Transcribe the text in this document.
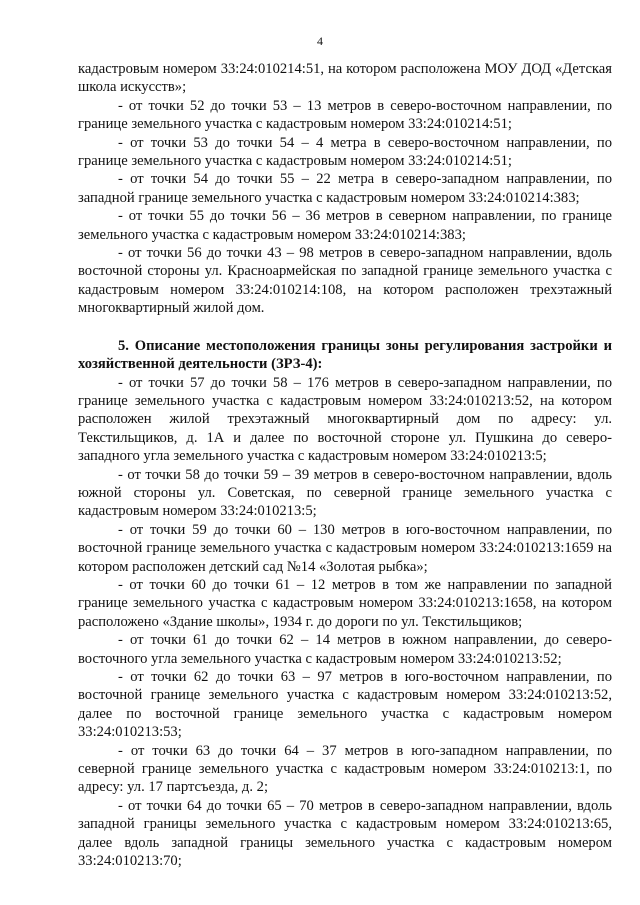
4

кадастровым номером 33:24:010214:51, на котором расположена МОУ ДОД «Детская школа искусств»;

- от точки 52 до точки 53 – 13 метров в северо-восточном направлении, по границе земельного участка с кадастровым номером 33:24:010214:51;

- от точки 53 до точки 54 – 4 метра в северо-восточном направлении, по границе земельного участка с кадастровым номером 33:24:010214:51;

- от точки 54 до точки 55 – 22 метра в северо-западном направлении, по западной границе земельного участка с кадастровым номером 33:24:010214:383;

- от точки 55 до точки 56 – 36 метров в северном направлении, по границе земельного участка с кадастровым номером 33:24:010214:383;

- от точки 56 до точки 43 – 98 метров в северо-западном направлении, вдоль восточной стороны ул. Красноармейская по западной границе земельного участка с кадастровым номером 33:24:010214:108, на котором расположен трехэтажный многоквартирный жилой дом.

5. Описание местоположения границы зоны регулирования застройки и хозяйственной деятельности (ЗРЗ-4):

- от точки 57 до точки 58 – 176 метров в северо-западном направлении, по границе земельного участка с кадастровым номером 33:24:010213:52, на котором расположен жилой трехэтажный многоквартирный дом по адресу: ул. Текстильщиков, д. 1А и далее по восточной стороне ул. Пушкина до северо-западного угла земельного участка с кадастровым номером 33:24:010213:5;

- от точки 58 до точки 59 – 39 метров в северо-восточном направлении, вдоль южной стороны ул. Советская, по северной границе земельного участка с кадастровым номером 33:24:010213:5;

- от точки 59 до точки 60 – 130 метров в юго-восточном направлении, по восточной границе земельного участка с кадастровым номером 33:24:010213:1659 на котором расположен детский сад №14 «Золотая рыбка»;

- от точки 60 до точки 61 – 12 метров в том же направлении по западной границе земельного участка с кадастровым номером 33:24:010213:1658, на котором расположено «Здание школы», 1934 г. до дороги по ул. Текстильщиков;

- от точки 61 до точки 62 – 14 метров в южном направлении, до северо-восточного угла земельного участка с кадастровым номером 33:24:010213:52;

- от точки 62 до точки 63 – 97 метров в юго-восточном направлении, по восточной границе земельного участка с кадастровым номером 33:24:010213:52, далее по восточной границе земельного участка с кадастровым номером 33:24:010213:53;

- от точки 63 до точки 64 – 37 метров в юго-западном направлении, по северной границе земельного участка с кадастровым номером 33:24:010213:1, по адресу: ул. 17 партсъезда, д. 2;

- от точки 64 до точки 65 – 70 метров в северо-западном направлении, вдоль западной границы земельного участка с кадастровым номером 33:24:010213:65, далее вдоль западной границы земельного участка с кадастровым номером 33:24:010213:70;
